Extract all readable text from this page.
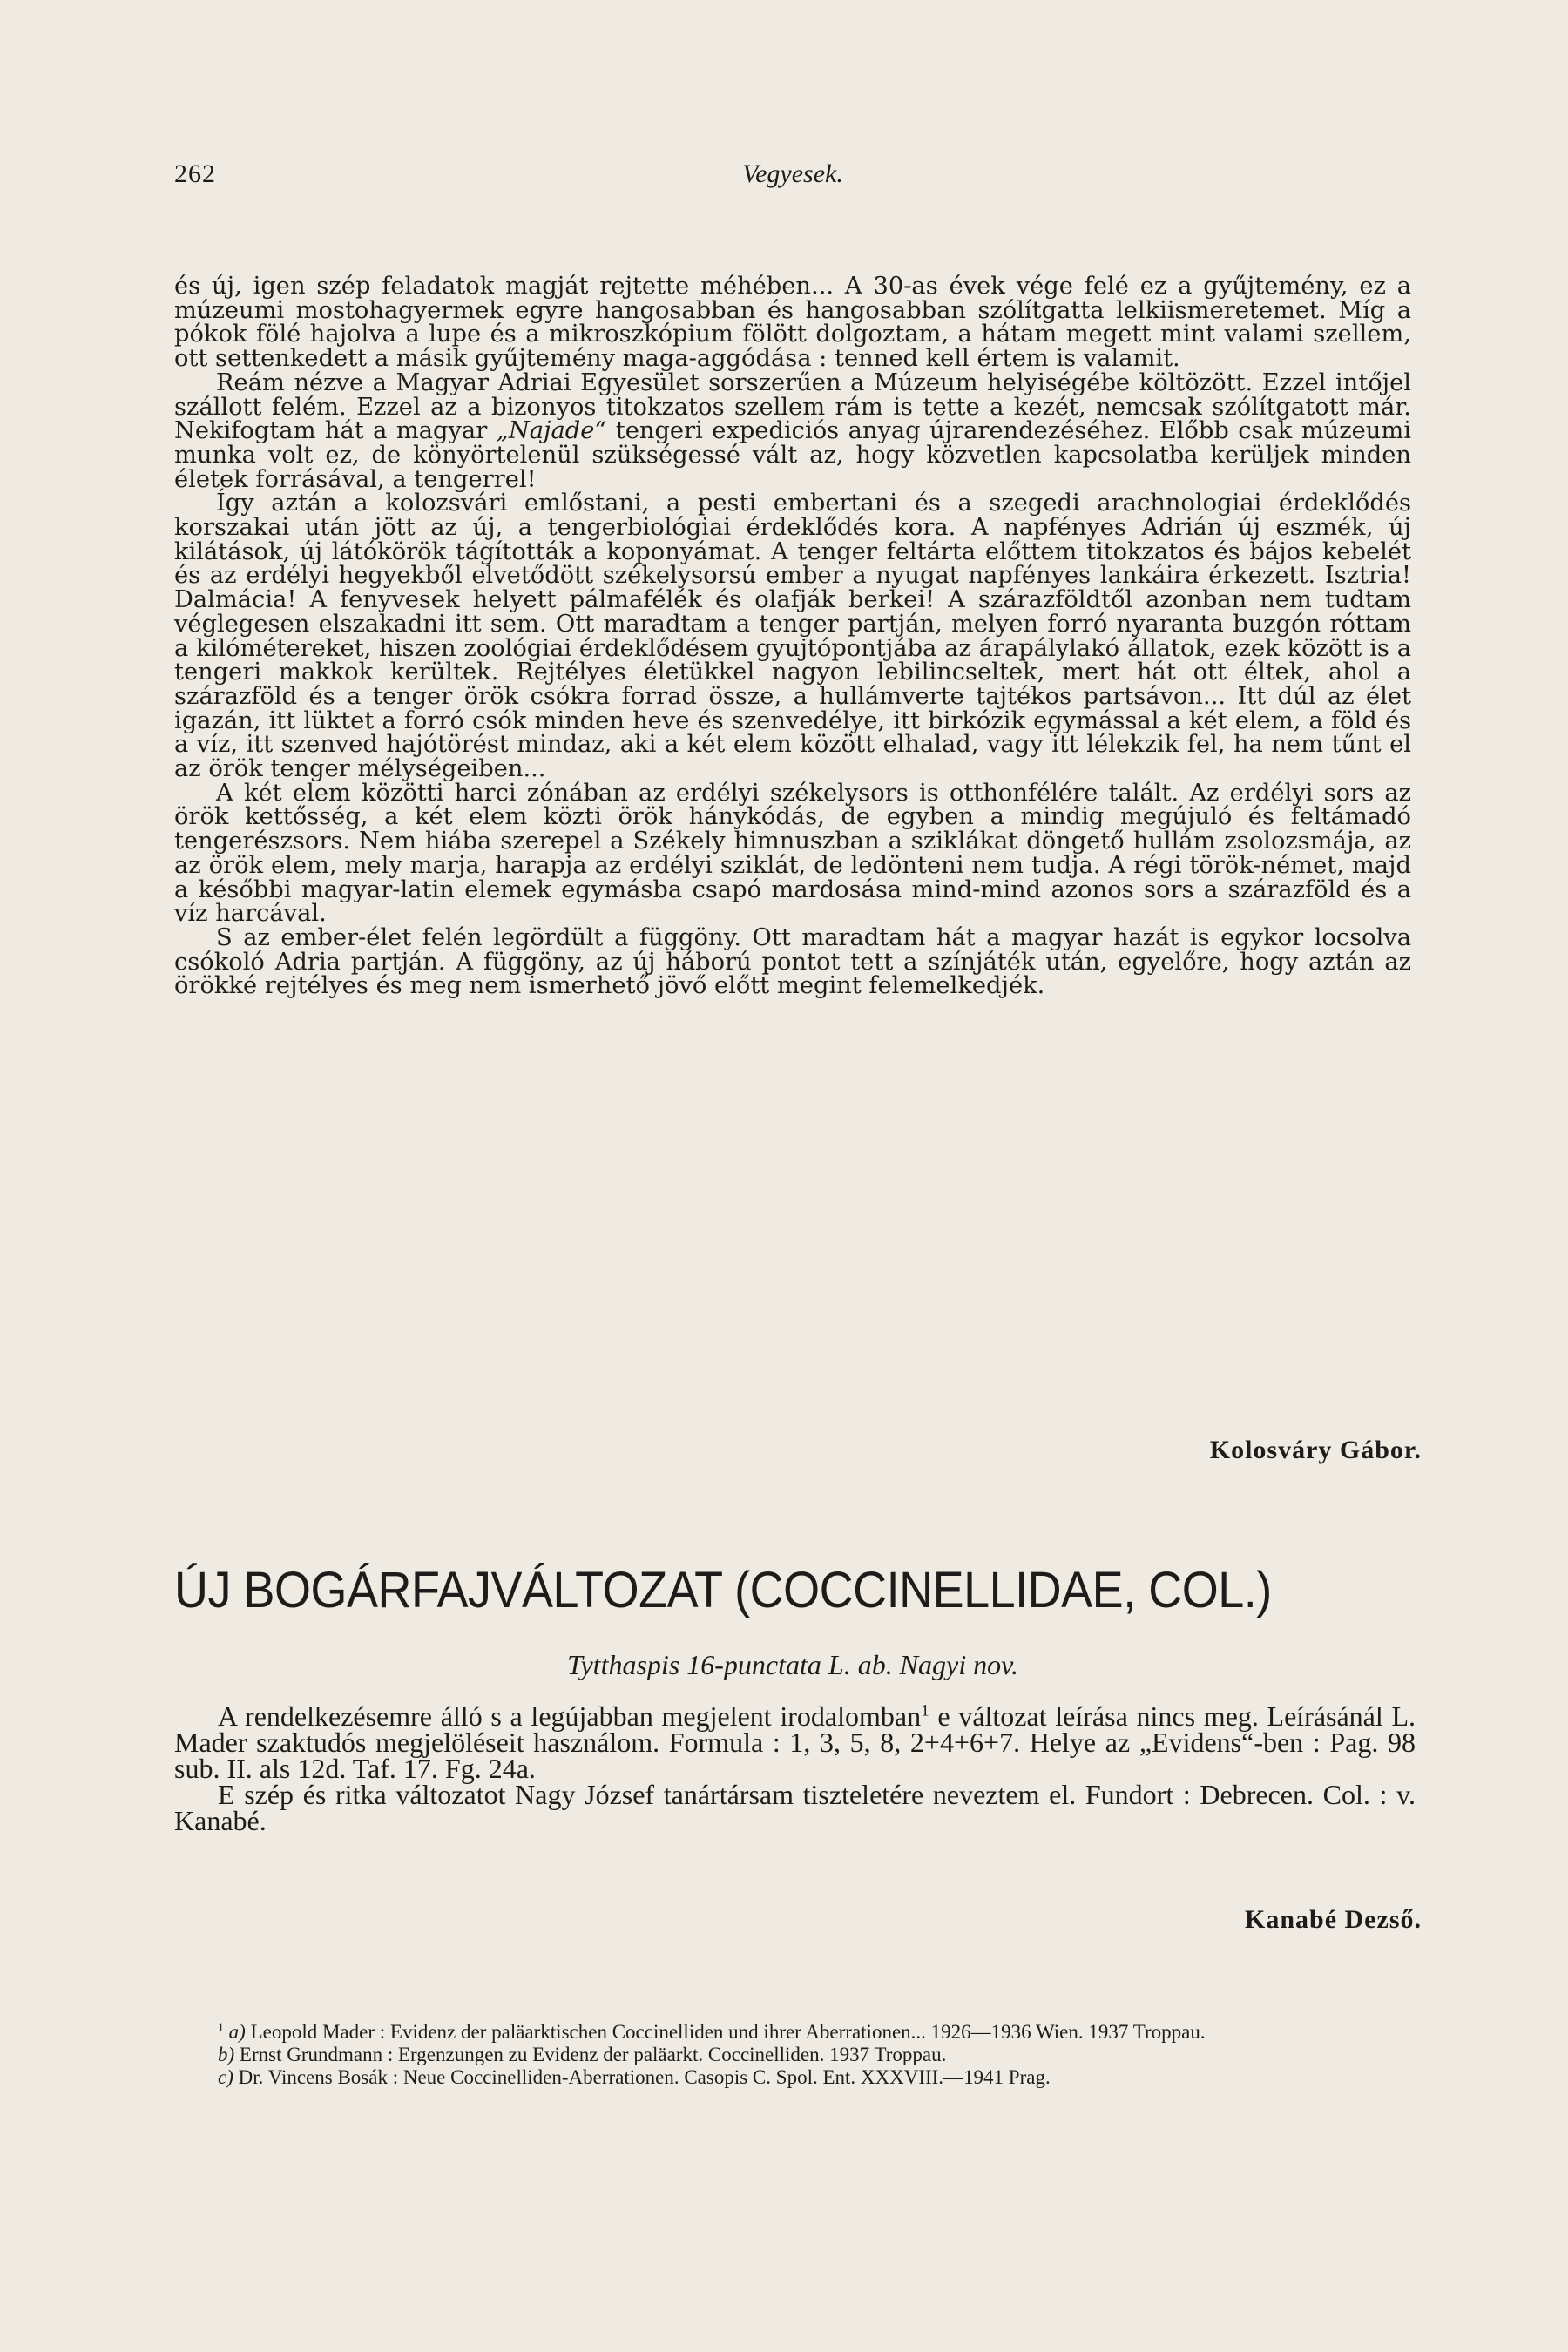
262	Vegyesek.

és új, igen szép feladatok magját rejtette méhében... A 30-as évek vége felé ez a gyűjtemény, ez a múzeumi mostohagyermek egyre hangosabban és hangosabban szólítgatta lelkiismeretemet. Míg a pókok fölé hajolva a lupe és a mikroszkópium fölött dolgoztam, a hátam megett mint valami szellem, ott settenkedett a másik gyűjtemény maga-aggódása : tenned kell értem is valamit.

Reám nézve a Magyar Adriai Egyesület sorszerűen a Múzeum helyiségébe költözött. Ezzel intőjel szállott felém. Ezzel az a bizonyos titokzatos szellem rám is tette a kezét, nemcsak szólítgatott már. Nekifogtam hát a magyar „Najade“ tengeri expediciós anyag újrarendezéséhez. Előbb csak múzeumi munka volt ez, de könyörtelenül szükségessé vált az, hogy közvetlen kapcsolatba kerüljek minden életek forrásával, a tengerrel!

Így aztán a kolozsvári emlőstani, a pesti embertani és a szegedi arachnologiai érdeklődés korszakai után jött az új, a tengerbiológiai érdeklődés kora. A napfényes Adrián új eszmék, új kilátások, új látókörök tágították a koponyámat. A tenger feltárta előttem titokzatos és bájos kebelét és az erdélyi hegyekből elvetődött székelysorsú ember a nyugat napfényes lankáira érkezett. Isztria! Dalmácia! A fenyvesek helyett pálmafélék és olafják berkei! A szárazföldtől azonban nem tudtam véglegesen elszakadni itt sem. Ott maradtam a tenger partján, melyen forró nyaranta buzgón róttam a kilómétereket, hiszen zoológiai érdeklődésem gyujtópontjába az árapálylakó állatok, ezek között is a tengeri makkok kerültek. Rejtélyes életükkel nagyon lebilincseltek, mert hát ott éltek, ahol a szárazföld és a tenger örök csókra forrad össze, a hullámverte tajtékos partsávon... Itt dúl az élet igazán, itt lüktet a forró csók minden heve és szenvedélye, itt birkózik egymással a két elem, a föld és a víz, itt szenved hajótörést mindaz, aki a két elem között elhalad, vagy itt lélekzik fel, ha nem tűnt el az örök tenger mélységeiben...

A két elem közötti harci zónában az erdélyi székelysors is otthonfélére talált. Az erdélyi sors az örök kettősség, a két elem közti örök hánykódás, de egyben a mindig megújuló és feltámadó tengerészsors. Nem hiába szerepel a Székely himnuszban a sziklákat döngető hullám zsolozsmája, az az örök elem, mely marja, harapja az erdélyi sziklát, de ledönteni nem tudja. A régi török-német, majd a későbbi magyar-latin elemek egymásba csapó mardosása mind-mind azonos sors a szárazföld és a víz harcával.

S az ember-élet felén legördült a függöny. Ott maradtam hát a magyar hazát is egykor locsolva csókoló Adria partján. A függöny, az új háború pontot tett a színjáték után, egyelőre, hogy aztán az örökké rejtélyes és meg nem ismerhető jövő előtt megint felemelkedjék.

Kolosváry Gábor.
ÚJ BOGÁRFAJVÁLTOZAT (COCCINELLIDAE, COL.)
Tytthaspis 16-punctata L. ab. Nagyi nov.

A rendelkezésemre álló s a legújabban megjelent irodalomban$^1$ e változat leírása nincs meg. Leírásánál L. Mader szaktudós megjelöléseit használom. Formula : 1, 3, 5, 8, 2+4+6+7. Helye az „Evidens“-ben : Pag. 98 sub. II. als 12d. Taf. 17. Fg. 24a.

E szép és ritka változatot Nagy József tanártársam tiszteletére neveztem el. Fundort : Debrecen. Col. : v. Kanabé.

Kanabé Dezső.

$^1$ a) Leopold Mader : Evidenz der paläarktischen Coccinelliden und ihrer Aberrationen... 1926—1936 Wien. 1937 Troppau.

b) Ernst Grundmann : Ergenzungen zu Evidenz der paläarkt. Coccinelliden. 1937 Troppau.

c) Dr. Vincens Bosák : Neue Coccinelliden-Aberrationen. Casopis C. Spol. Ent. XXXVIII.—1941 Prag.
